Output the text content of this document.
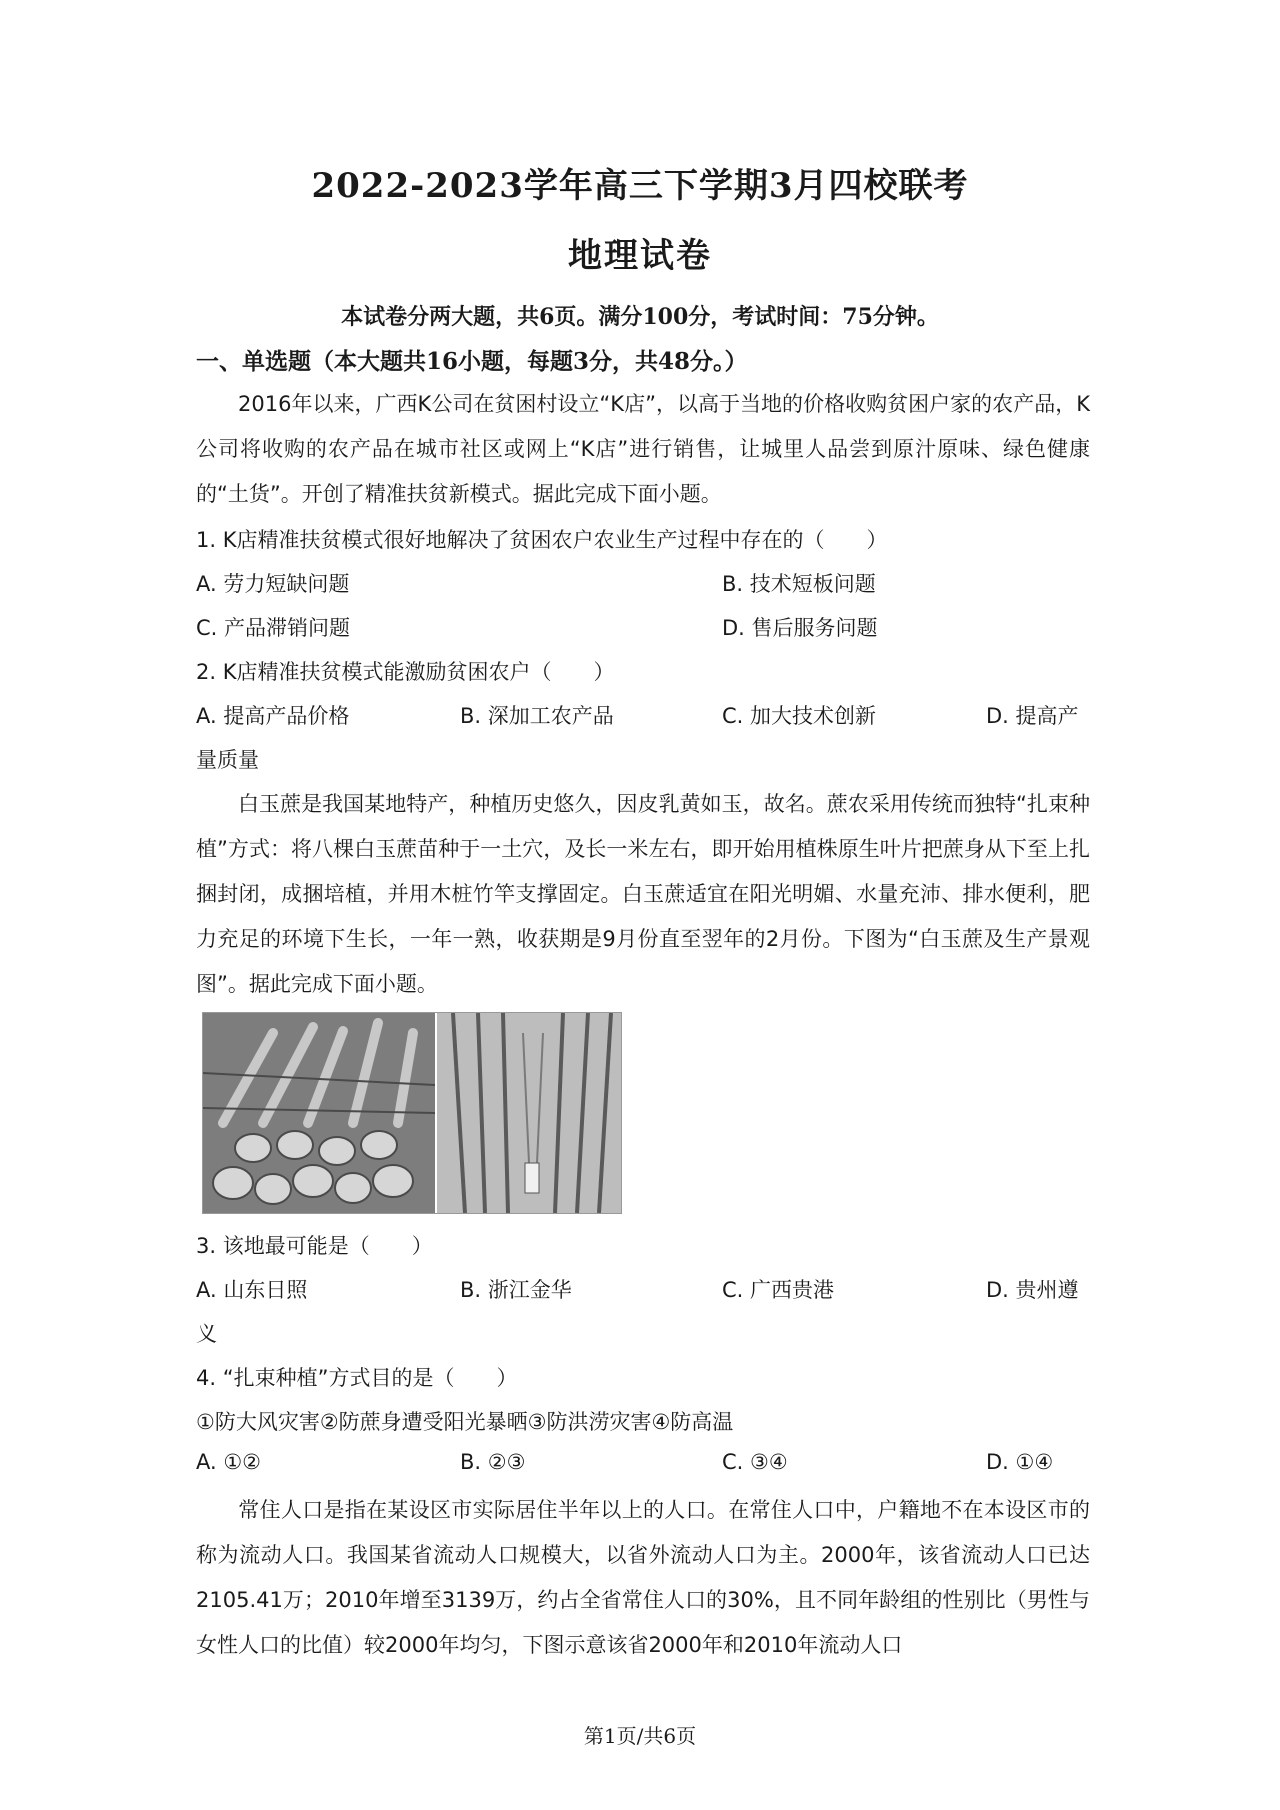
2022-2023学年高三下学期3月四校联考
地理试卷
本试卷分两大题，共6页。满分100分，考试时间：75分钟。
一、单选题（本大题共16小题，每题3分，共48分。）
2016年以来，广西K公司在贫困村设立“K店”，以高于当地的价格收购贫困户家的农产品，K公司将收购的农产品在城市社区或网上“K店”进行销售，让城里人品尝到原汁原味、绿色健康的“土货”。开创了精准扶贫新模式。据此完成下面小题。
1. K店精准扶贫模式很好地解决了贫困农户农业生产过程中存在的（　　）
A. 劳力短缺问题	B. 技术短板问题
C. 产品滞销问题	D. 售后服务问题
2. K店精准扶贫模式能激励贫困农户（　　）
A. 提高产品价格	B. 深加工农产品	C. 加大技术创新	D. 提高产
量质量
白玉蔗是我国某地特产，种植历史悠久，因皮乳黄如玉，故名。蔗农采用传统而独特“扎束种植”方式：将八棵白玉蔗苗种于一土穴，及长一米左右，即开始用植株原生叶片把蔗身从下至上扎捆封闭，成捆培植，并用木桩竹竿支撑固定。白玉蔗适宜在阳光明媚、水量充沛、排水便利，肥力充足的环境下生长，一年一熟，收获期是9月份直至翌年的2月份。下图为“白玉蔗及生产景观图”。据此完成下面小题。
3. 该地最可能是（　　）
A. 山东日照	B. 浙江金华	C. 广西贵港	D. 贵州遵
义
4. “扎束种植”方式目的是（　　）
①防大风灾害②防蔗身遭受阳光暴晒③防洪涝灾害④防高温
A. ①②	B. ②③	C. ③④	D. ①④
常住人口是指在某设区市实际居住半年以上的人口。在常住人口中，户籍地不在本设区市的称为流动人口。我国某省流动人口规模大，以省外流动人口为主。2000年，该省流动人口已达2105.41万；2010年增至3139万，约占全省常住人口的30%，且不同年龄组的性别比（男性与女性人口的比值）较2000年均匀，下图示意该省2000年和2010年流动人口
第1页/共6页
